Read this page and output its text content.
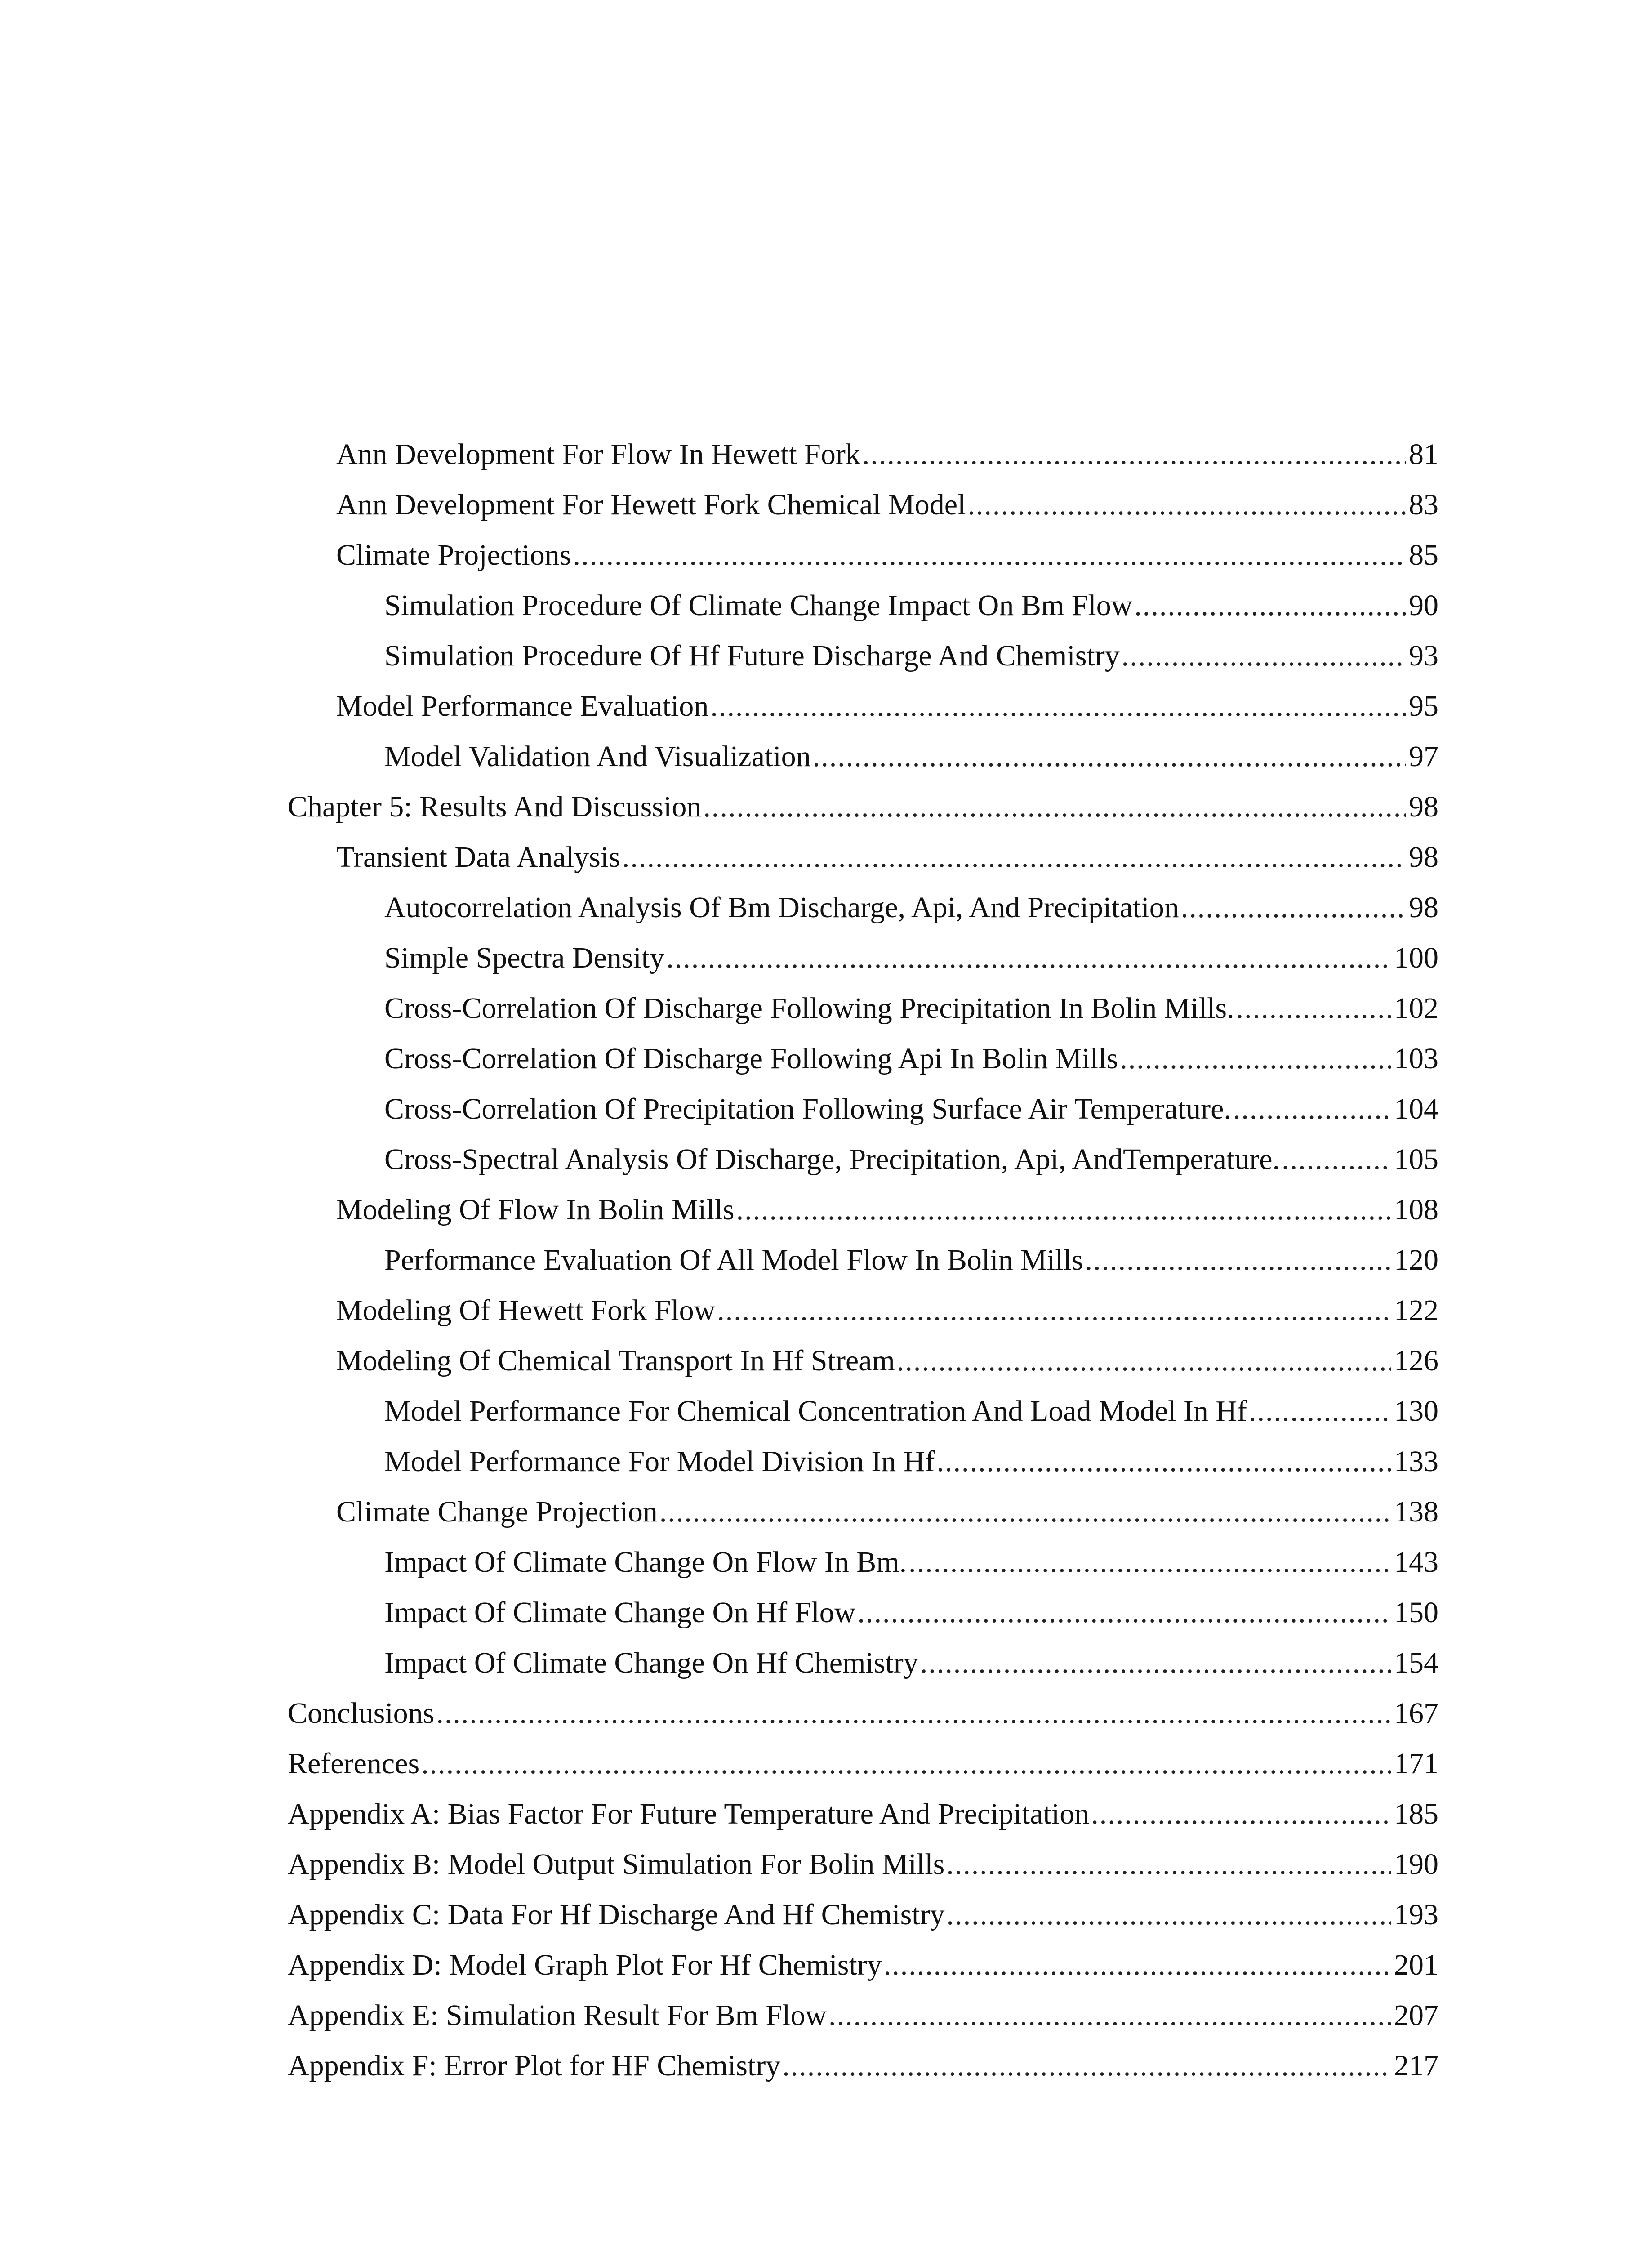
Ann Development For Flow In Hewett Fork .....	81
Ann Development For Hewett Fork Chemical Model .....	83
Climate Projections .....	85
Simulation Procedure Of Climate Change Impact On Bm Flow .....	90
Simulation Procedure Of Hf Future Discharge And Chemistry .....	93
Model Performance Evaluation .....	95
Model Validation And Visualization .....	97
Chapter 5: Results And Discussion .....	98
Transient Data Analysis .....	98
Autocorrelation Analysis Of Bm Discharge, Api, And Precipitation .....	98
Simple Spectra Density .....	100
Cross-Correlation Of Discharge Following Precipitation In Bolin Mills. .....	102
Cross-Correlation Of Discharge Following Api In Bolin Mills .....	103
Cross-Correlation Of Precipitation Following Surface Air Temperature. .....	104
Cross-Spectral Analysis Of Discharge, Precipitation, Api, AndTemperature. .....	105
Modeling Of Flow In Bolin Mills .....	108
Performance Evaluation Of All Model Flow In Bolin Mills .....	120
Modeling Of Hewett Fork Flow .....	122
Modeling Of Chemical Transport In Hf Stream .....	126
Model Performance For Chemical Concentration And Load Model In Hf .....	130
Model Performance For Model Division In Hf .....	133
Climate Change Projection .....	138
Impact Of Climate Change On Flow In Bm. .....	143
Impact Of Climate Change On Hf Flow .....	150
Impact Of Climate Change On Hf Chemistry .....	154
Conclusions .....	167
References .....	171
Appendix A: Bias Factor For Future Temperature And Precipitation .....	185
Appendix B: Model Output Simulation For Bolin Mills .....	190
Appendix C: Data For Hf Discharge And Hf Chemistry .....	193
Appendix D: Model Graph Plot For Hf Chemistry .....	201
Appendix E: Simulation Result For Bm Flow .....	207
Appendix F: Error Plot for HF Chemistry .....	217
